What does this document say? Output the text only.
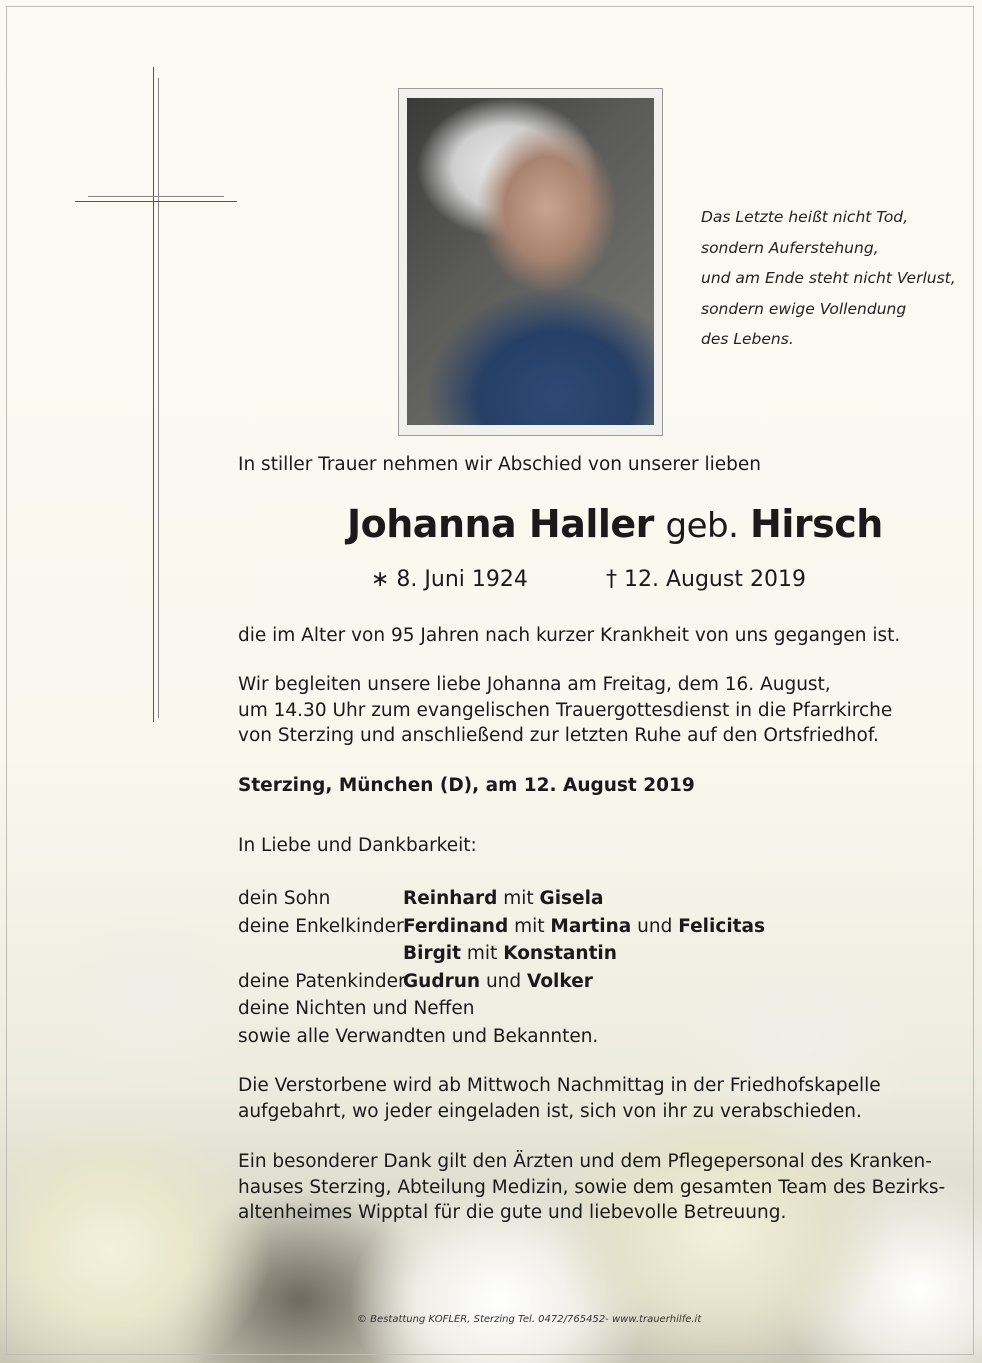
Das Letzte heißt nicht Tod,
sondern Auferstehung,
und am Ende steht nicht Verlust,
sondern ewige Vollendung
des Lebens.
In stiller Trauer nehmen wir Abschied von unserer lieben
Johanna Haller geb. Hirsch
∗ 8. Juni 1924	† 12. August 2019
die im Alter von 95 Jahren nach kurzer Krankheit von uns gegangen ist.
Wir begleiten unsere liebe Johanna am Freitag, dem 16. August,
um 14.30 Uhr zum evangelischen Trauergottesdienst in die Pfarrkirche
von Sterzing und anschließend zur letzten Ruhe auf den Ortsfriedhof.
Sterzing, München (D), am 12. August 2019
In Liebe und Dankbarkeit:
dein Sohn	Reinhard mit Gisela
deine Enkelkinder Ferdinand mit Martina und Felicitas
Birgit mit Konstantin
deine Patenkinder
Gudrun und Volker
deine Nichten und Neffen
sowie alle Verwandten und Bekannten.
Die Verstorbene wird ab Mittwoch Nachmittag in der Friedhofskapelle
aufgebahrt, wo jeder eingeladen ist, sich von ihr zu verabschieden.
Ein besonderer Dank gilt den Ärzten und dem Pflegepersonal des Kranken-
hauses Sterzing, Abteilung Medizin, sowie dem gesamten Team des Bezirks-
altenheimes Wipptal für die gute und liebevolle Betreuung.
© Bestattung KOFLER, Sterzing Tel. 0472/765452- www.trauerhilfe.it
